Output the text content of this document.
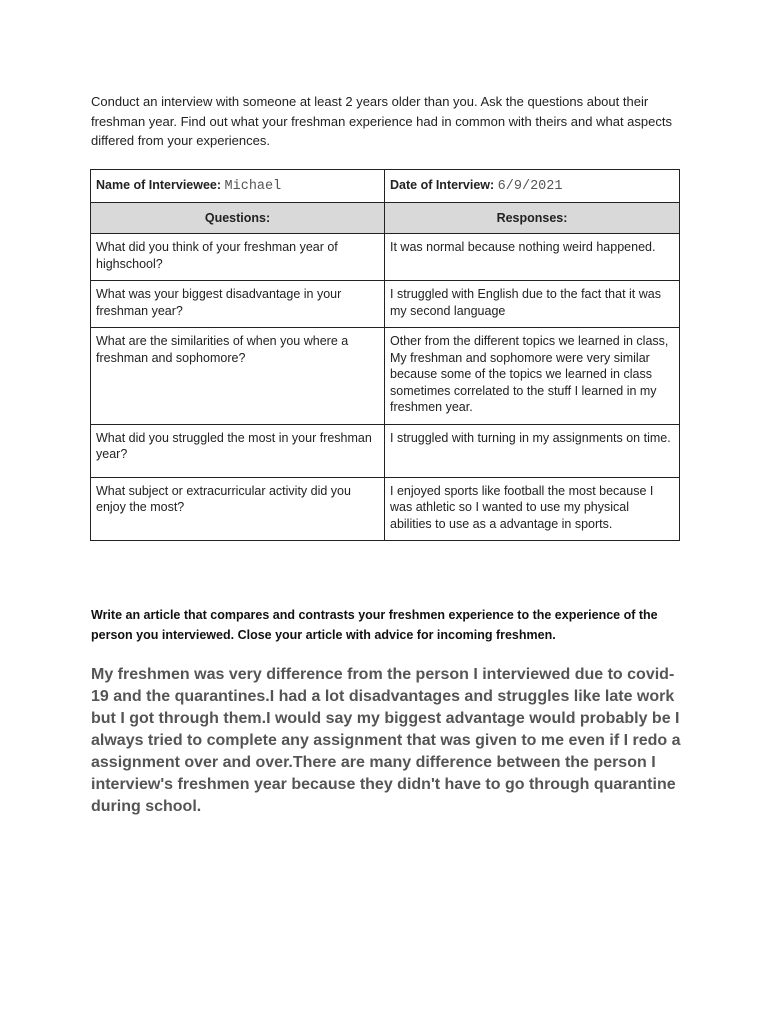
Conduct an interview with someone at least 2 years older than you. Ask the questions about their freshman year. Find out what your freshman experience had in common with theirs and what aspects differed from your experiences.

Name of Interviewee: Michael	Date of Interview: 6/9/2021
Questions:	Responses:
What did you think of your freshman year of highschool?	It was normal because nothing weird happened.
What was your biggest disadvantage in your freshman year?	I struggled with English due to the fact that it was my second language
What are the similarities of when you where a freshman and sophomore?	Other from the different topics we learned in class, My freshman and sophomore were very similar because some of the topics we learned in class sometimes correlated to the stuff I learned in my freshmen year.
What did you struggled the most in your freshman year?	I struggled with turning in my assignments on time.
What subject or extracurricular activity did you enjoy the most?	I enjoyed sports like football the most because I was athletic so I wanted to use my physical abilities to use as a advantage in sports.

Write an article that compares and contrasts your freshmen experience to the experience of the person you interviewed. Close your article with advice for incoming freshmen.

My freshmen was very difference from the person I interviewed due to covid-19 and the quarantines.I had a lot disadvantages and struggles like late work but I got through them.I would say my biggest advantage would probably be I always tried to complete any assignment that was given to me even if I redo a assignment over and over.There are many difference between the person I interview's freshmen year because they didn't have to go through quarantine during school.
